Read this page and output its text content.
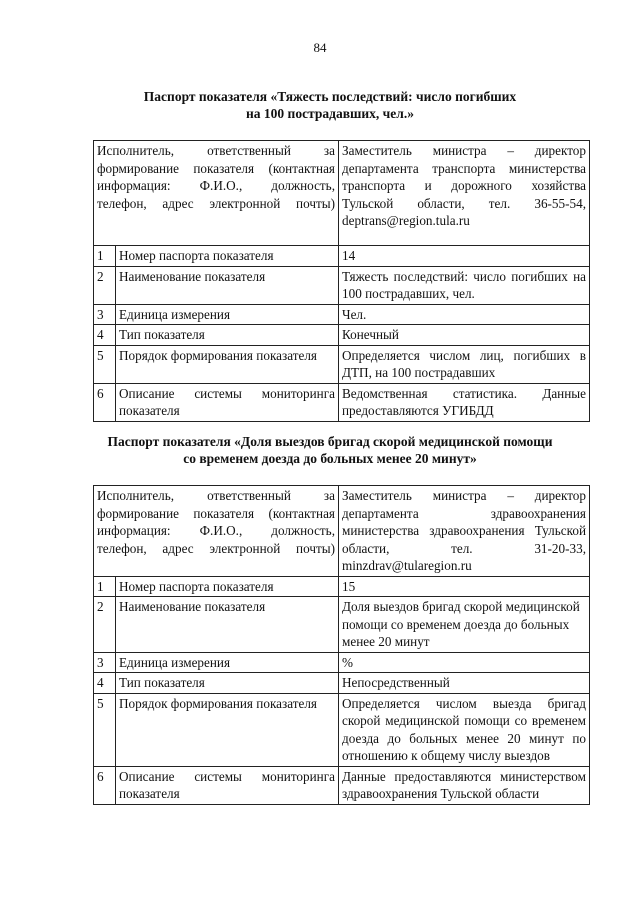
84
Паспорт показателя «Тяжесть последствий: число погибших
на 100 пострадавших, чел.»
Исполнитель, ответственный за формирование показателя (контактная информация: Ф.И.О., должность, телефон, адрес электронной почты)		Заместитель министра – директор департамента транспорта министерства транспорта и дорожного хозяйства Тульской области, тел. 36-55-54, deptrans@region.tula.ru
1	Номер паспорта показателя	14
2	Наименование показателя	Тяжесть последствий: число погибших на 100 пострадавших, чел.
3	Единица измерения	Чел.
4	Тип показателя	Конечный
5	Порядок формирования показателя	Определяется числом лиц, погибших в ДТП, на 100 пострадавших
6	Описание системы мониторинга показателя	Ведомственная статистика. Данные предоставляются УГИБДД
Паспорт показателя «Доля выездов бригад скорой медицинской помощи
со временем доезда до больных менее 20 минут»
Исполнитель, ответственный за формирование показателя (контактная информация: Ф.И.О., должность, телефон, адрес электронной почты)		Заместитель министра – директор департамента здравоохранения министерства здравоохранения Тульской области, тел. 31-20-33, minzdrav@tularegion.ru
1	Номер паспорта показателя	15
2	Наименование показателя	Доля выездов бригад скорой медицинской помощи со временем доезда до больных менее 20 минут
3	Единица измерения	%
4	Тип показателя	Непосредственный
5	Порядок формирования показателя	Определяется числом выезда бригад скорой медицинской помощи со временем доезда до больных менее 20 минут по отношению к общему числу выездов
6	Описание системы мониторинга показателя	Данные предоставляются министерством здравоохранения Тульской области
